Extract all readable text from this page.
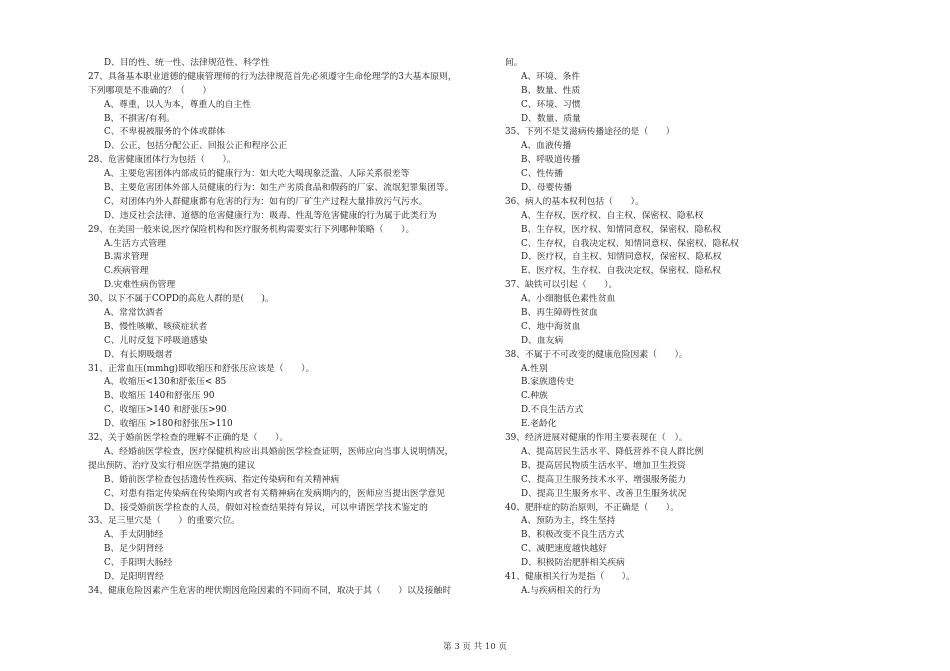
D、目的性、统一性、法律规范性、科学性
27、具备基本职业道德的健康管理师的行为法律规范首先必须遵守生命伦理学的3大基本原则，
下列哪项是不准确的？（　　）
A、尊重，以人为本，尊重人的自主性
B、不損害/有利。
C、不卑視被服务的个体或群体
D、公正，包括分配公正、回报公正和程序公正
28、危害健康团体行为包括（　　）。
A、主要危害团体内部成员的健康行为：如大吃大喝现象泛滥、人际关系很差等
B、主要危害团体外部人员健康的行为：如生产劣质食品和假药的厂家、流氓犯罪集团等。
C、对团体内外人群健康都有危害的行为：如有的厂矿生产过程大量排放污气污水。
D、违反社会法律、道德的危害健康行为：吸毒、性乱等危害健康的行为属于此类行为
29、在美国一般来说,医疗保险机构和医疗服务机构需要实行下列哪种策略（　　）。
A.生活方式管理
B.需求管理
C.疾病管理
D.灾难性病伤管理
30、以下不属于COPD的高危人群的是(　　)。
A、常常饮酒者
B、慢性咳嗽、咳痰症状者
C、儿时反复下呼吸道感染
D、有长期吸烟者
31、正常血压(mmhg)即收缩压和舒张压应该是（　　）。
A、收缩压<130和舒张压< 85
B、收缩压 140和舒张压 90
C、收缩压>140 和舒张压>90
D、收缩压 >180和舒张压>110
32、关于婚前医学检查的理解不正确的是（　　）。
A、经婚前医学检查，医疗保健机构应出具婚前医学检查证明，医师应向当事人说明情况，
提出预防、治疗及实行相应医学措施的建议
B、婚前医学检查包括遗传性疾病、指定传染病和有关精神病
C、对患有指定传染病在传染期内或者有关精神病在发病期内的，医师应当提出医学意见
D、接受婚前医学检查的人员，假如对检查结果持有异议，可以申请医学技术鉴定的
33、足三里穴是（　　）的重要穴位。
A、手太阴肺经
B、足少阴肾经
C、手阳明大肠经
D、足阳明胃经
34、健康危险因素产生危害的埋伏期因危险因素的不同而不同，取决于其（　　）以及接触时
间。
A、环境、条件
B、数量、性质
C、环境、习惯
D、数量、质量
35、下列不是艾滋病传播途径的是（　　）
A、血液传播
B、呼吸道传播
C、性传播
D、母婴传播
36、病人的基本权利包括（　　）。
A、生存权，医疗权、自主权、保密权、隐私权
B、生存权，医疗权、知情同意权，保密权、隐私权
C、生存权，自我决定权、知情同意权、保密权、隐私权
D、医疗权，自主权、知情同意权，保密权、隐私权
E、医疗权，生存权、自我决定权，保密权、隐私权
37、缺铁可以引起（　　）。
A、小细胞低色素性贫血
B、再生障碍性贫血
C、地中海贫血
D、血友病
38、不属于不可改变的健康危险因素（　　）。
A.性别
B.家族遗传史
C.种族
D.不良生活方式
E.老龄化
39、经济进展对健康的作用主要表现在（　）。
A、提高居民生活水平、降低营养不良人群比例
B、提高居民物质生活水平、增加卫生投资
C、提高卫生服务技术水平、增强服务能力
D、提高卫生服务水平、改善卫生服务状况
40、肥胖症的防治原则，不正确是（　　）。
A、预防为主，终生坚持
B、积极改变不良生活方式
C、减肥速度越快越好
D、积极防治肥胖相关疾病
41、健康相关行为是指（　　）。
A.与疾病相关的行为
第 3 页 共 10 页
